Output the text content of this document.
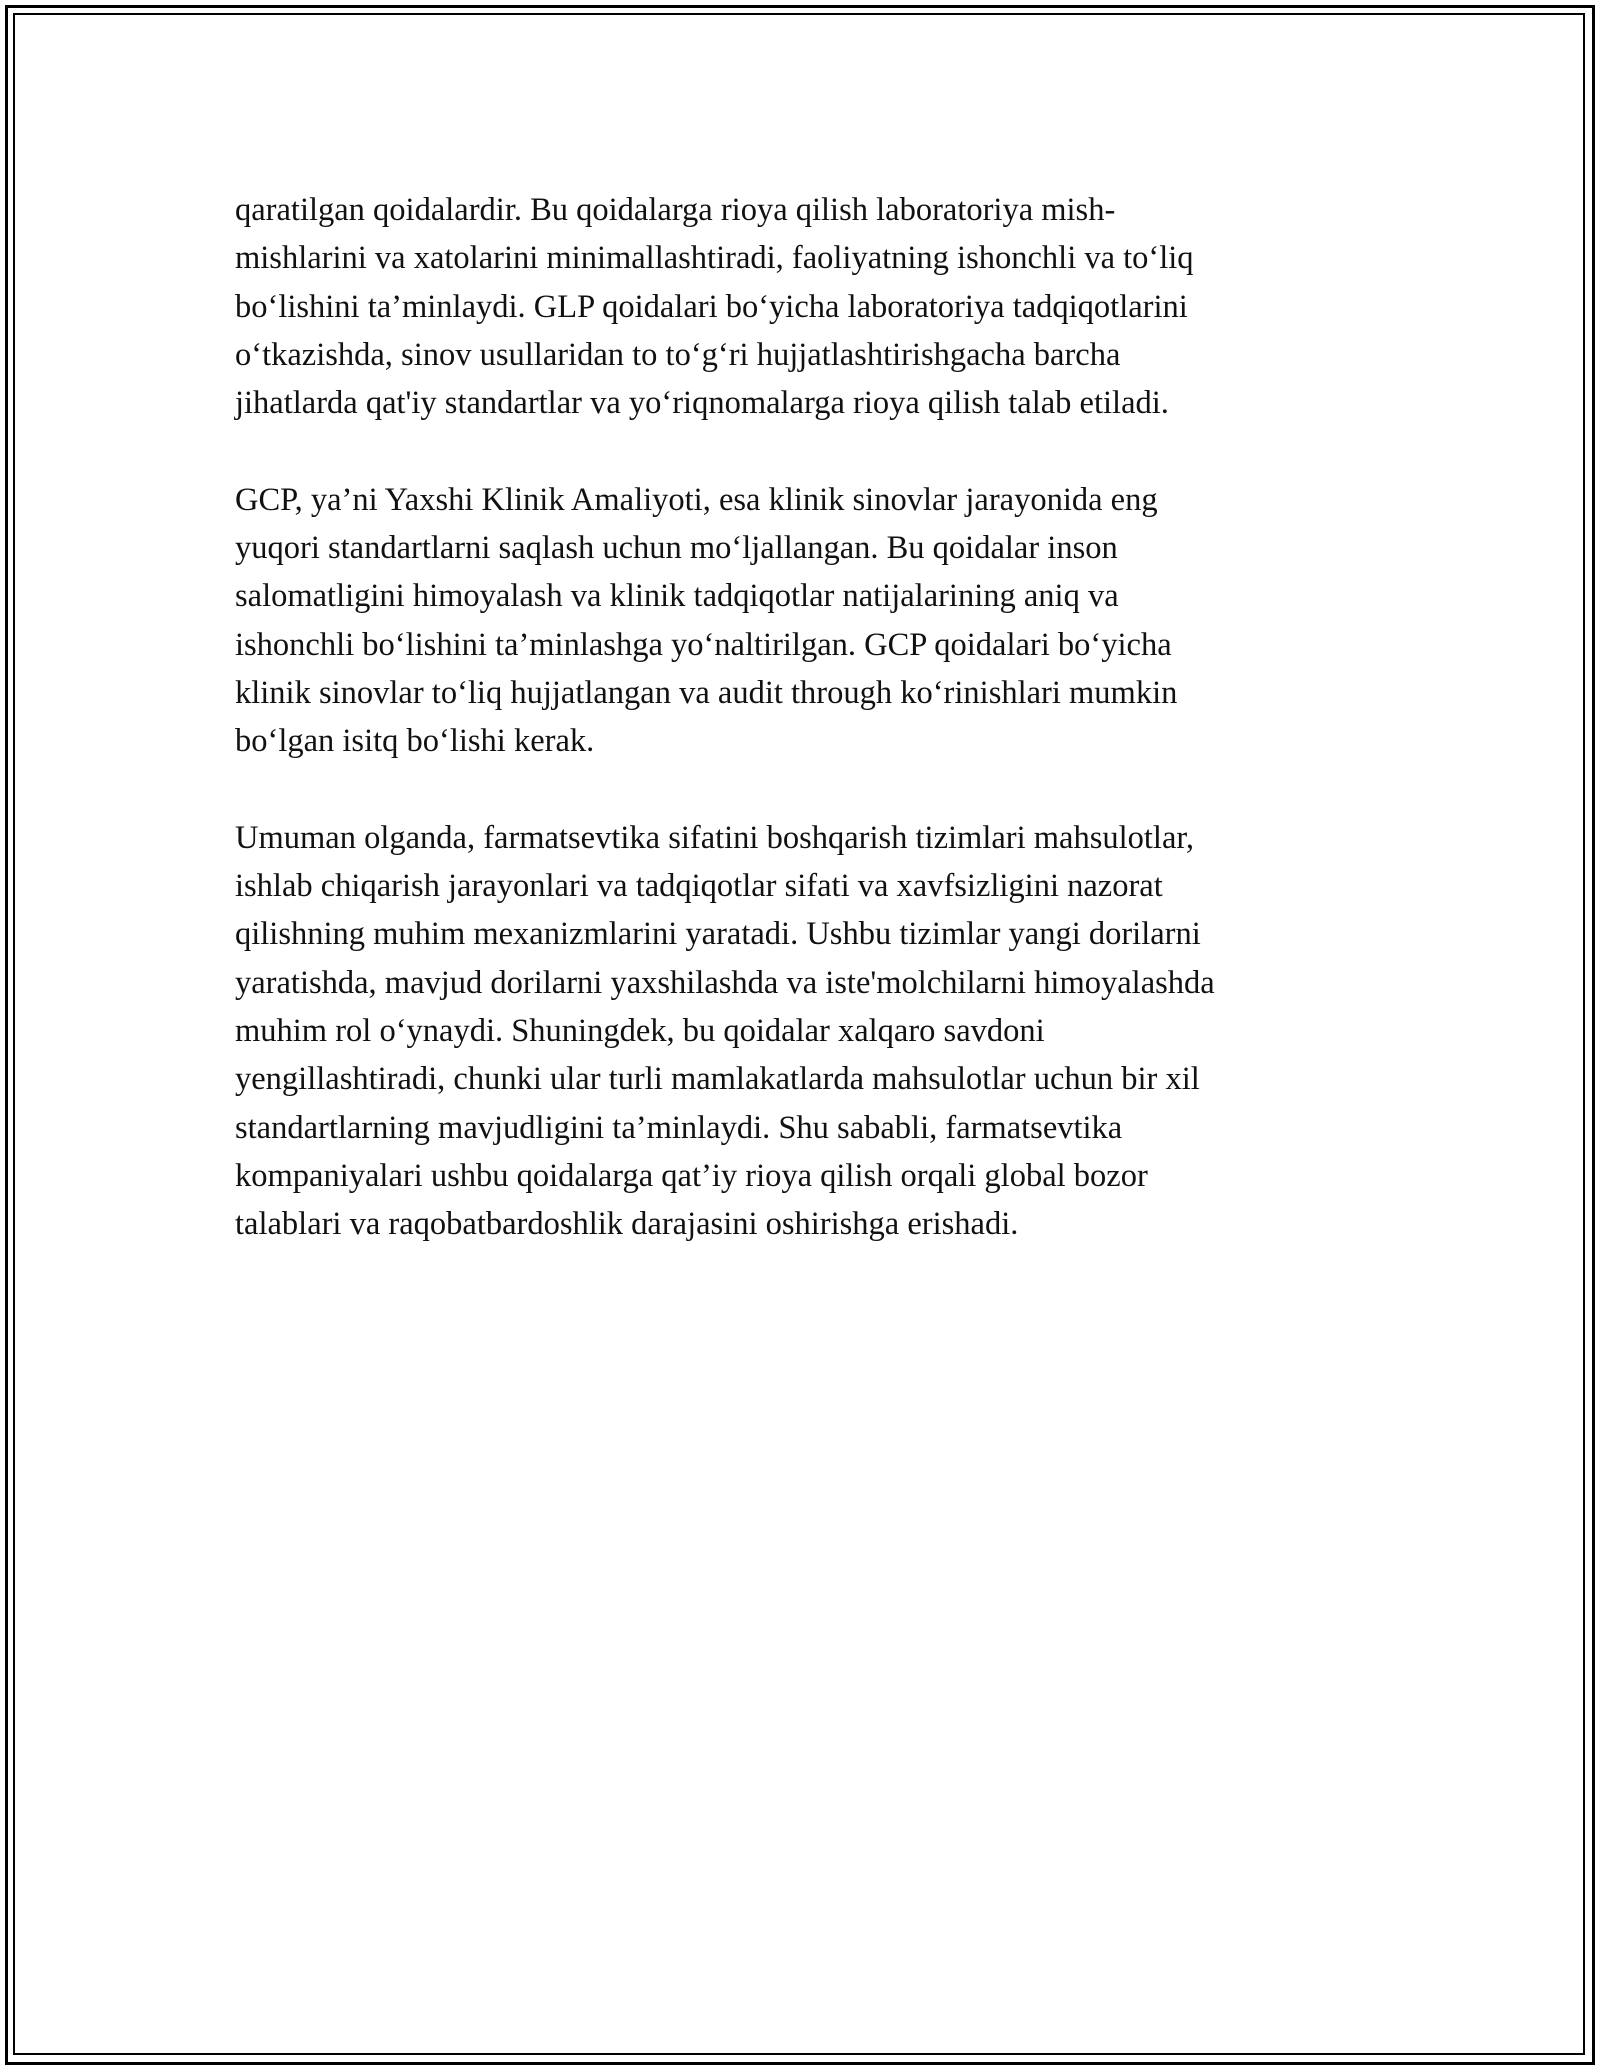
qaratilgan qoidalardir. Bu qoidalarga rioya qilish laboratoriya mish-
mishlarini va xatolarini minimallashtiradi, faoliyatning ishonchli va to‘liq
bo‘lishini ta’minlaydi. GLP qoidalari bo‘yicha laboratoriya tadqiqotlarini
o‘tkazishda, sinov usullaridan to to‘g‘ri hujjatlashtirishgacha barcha
jihatlarda qat'iy standartlar va yo‘riqnomalarga rioya qilish talab etiladi.

GCP, ya’ni Yaxshi Klinik Amaliyoti, esa klinik sinovlar jarayonida eng
yuqori standartlarni saqlash uchun mo‘ljallangan. Bu qoidalar inson
salomatligini himoyalash va klinik tadqiqotlar natijalarining aniq va
ishonchli bo‘lishini ta’minlashga yo‘naltirilgan. GCP qoidalari bo‘yicha
klinik sinovlar to‘liq hujjatlangan va audit through ko‘rinishlari mumkin
bo‘lgan isitq bo‘lishi kerak.

Umuman olganda, farmatsevtika sifatini boshqarish tizimlari mahsulotlar,
ishlab chiqarish jarayonlari va tadqiqotlar sifati va xavfsizligini nazorat
qilishning muhim mexanizmlarini yaratadi. Ushbu tizimlar yangi dorilarni
yaratishda, mavjud dorilarni yaxshilashda va iste'molchilarni himoyalashda
muhim rol o‘ynaydi. Shuningdek, bu qoidalar xalqaro savdoni
yengillashtiradi, chunki ular turli mamlakatlarda mahsulotlar uchun bir xil
standartlarning mavjudligini ta’minlaydi. Shu sababli, farmatsevtika
kompaniyalari ushbu qoidalarga qat’iy rioya qilish orqali global bozor
talablari va raqobatbardoshlik darajasini oshirishga erishadi.
